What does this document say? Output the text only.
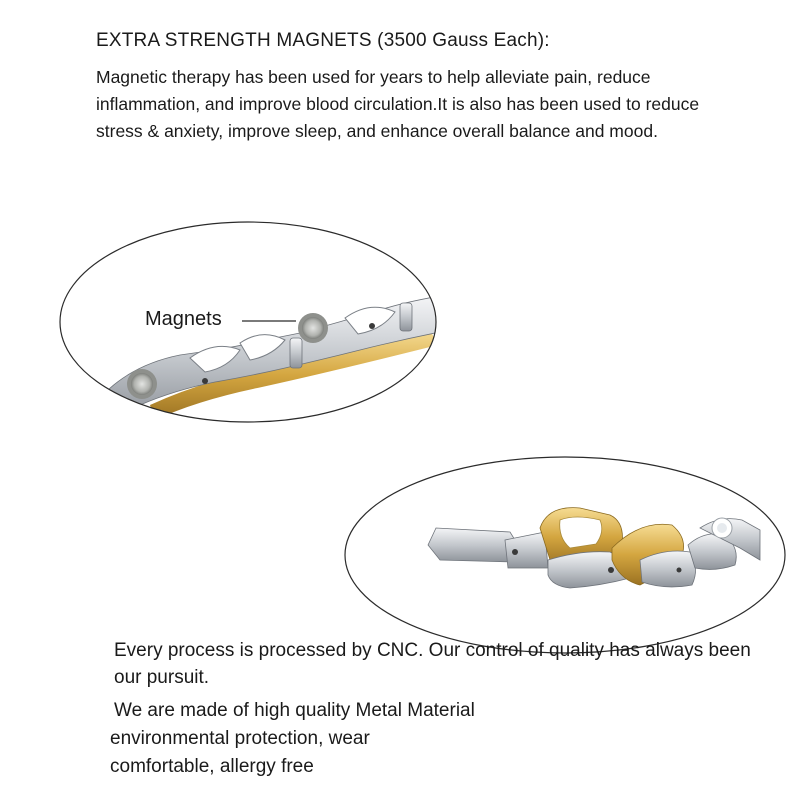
EXTRA STRENGTH MAGNETS (3500 Gauss Each):

Magnetic therapy has been used for years to help alleviate pain, reduce inflammation, and improve blood circulation.It is also has been used to reduce stress & anxiety, improve sleep, and enhance overall balance and mood.

Magnets

Every process is processed by CNC. Our control of quality has always been our pursuit.

We are made of high quality Metal Material
environmental protection, wear
comfortable, allergy free
